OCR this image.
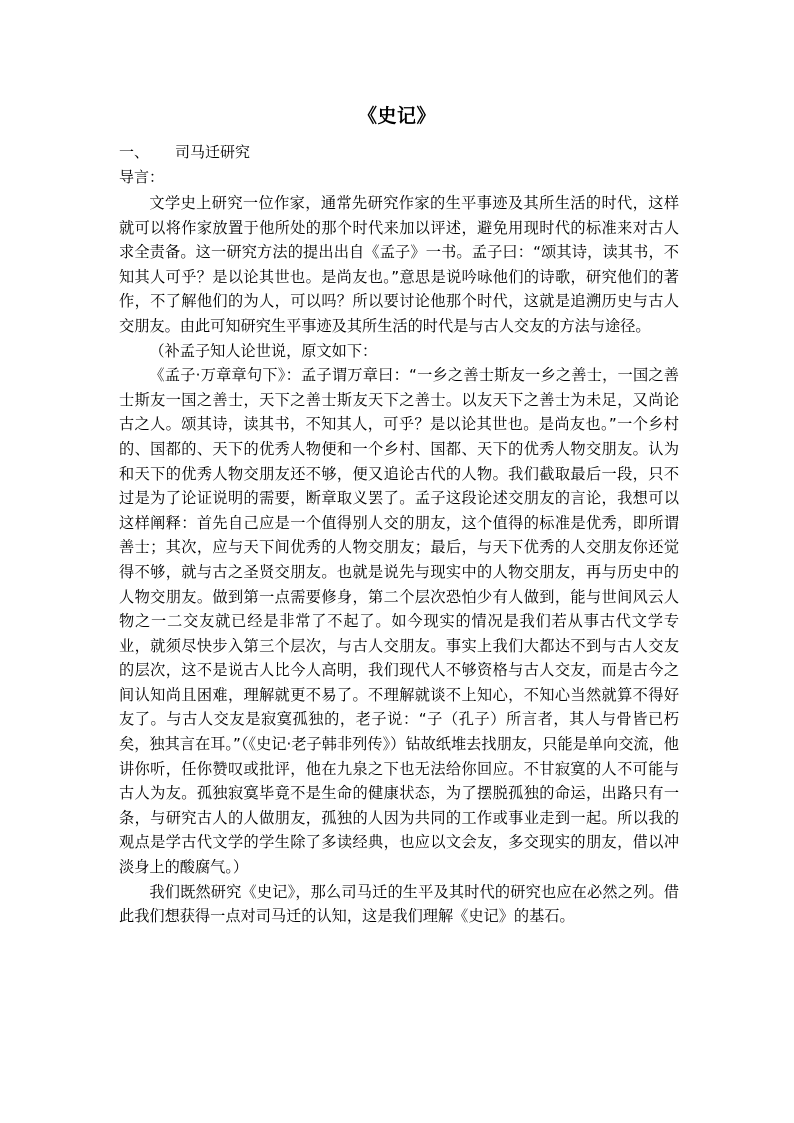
《史记》
一、 司马迁研究
导言：

文学史上研究一位作家，通常先研究作家的生平事迹及其所生活的时代，这样就可以将作家放置于他所处的那个时代来加以评述，避免用现时代的标准来对古人求全责备。这一研究方法的提出出自《孟子》一书。孟子曰：“颂其诗，读其书，不知其人可乎？是以论其世也。是尚友也。”意思是说吟咏他们的诗歌，研究他们的著作，不了解他们的为人，可以吗？所以要讨论他那个时代，这就是追溯历史与古人交朋友。由此可知研究生平事迹及其所生活的时代是与古人交友的方法与途径。

（补孟子知人论世说，原文如下：

《孟子·万章章句下》：孟子谓万章曰：“一乡之善士斯友一乡之善士，一国之善士斯友一国之善士，天下之善士斯友天下之善士。以友天下之善士为未足，又尚论古之人。颂其诗，读其书，不知其人，可乎？是以论其世也。是尚友也。”一个乡村的、国都的、天下的优秀人物便和一个乡村、国都、天下的优秀人物交朋友。认为和天下的优秀人物交朋友还不够，便又追论古代的人物。我们截取最后一段，只不过是为了论证说明的需要，断章取义罢了。孟子这段论述交朋友的言论，我想可以这样阐释：首先自己应是一个值得别人交的朋友，这个值得的标准是优秀，即所谓善士；其次，应与天下间优秀的人物交朋友；最后，与天下优秀的人交朋友你还觉得不够，就与古之圣贤交朋友。也就是说先与现实中的人物交朋友，再与历史中的人物交朋友。做到第一点需要修身，第二个层次恐怕少有人做到，能与世间风云人物之一二交友就已经是非常了不起了。如今现实的情况是我们若从事古代文学专业，就须尽快步入第三个层次，与古人交朋友。事实上我们大都达不到与古人交友的层次，这不是说古人比今人高明，我们现代人不够资格与古人交友，而是古今之间认知尚且困难，理解就更不易了。不理解就谈不上知心，不知心当然就算不得好友了。与古人交友是寂寞孤独的，老子说：“子（孔子）所言者，其人与骨皆已朽矣，独其言在耳。”（《史记·老子韩非列传》）钻故纸堆去找朋友，只能是单向交流，他讲你听，任你赞叹或批评，他在九泉之下也无法给你回应。不甘寂寞的人不可能与古人为友。孤独寂寞毕竟不是生命的健康状态，为了摆脱孤独的命运，出路只有一条，与研究古人的人做朋友，孤独的人因为共同的工作或事业走到一起。所以我的观点是学古代文学的学生除了多读经典，也应以文会友，多交现实的朋友，借以冲淡身上的酸腐气。）

我们既然研究《史记》，那么司马迁的生平及其时代的研究也应在必然之列。借此我们想获得一点对司马迁的认知，这是我们理解《史记》的基石。
